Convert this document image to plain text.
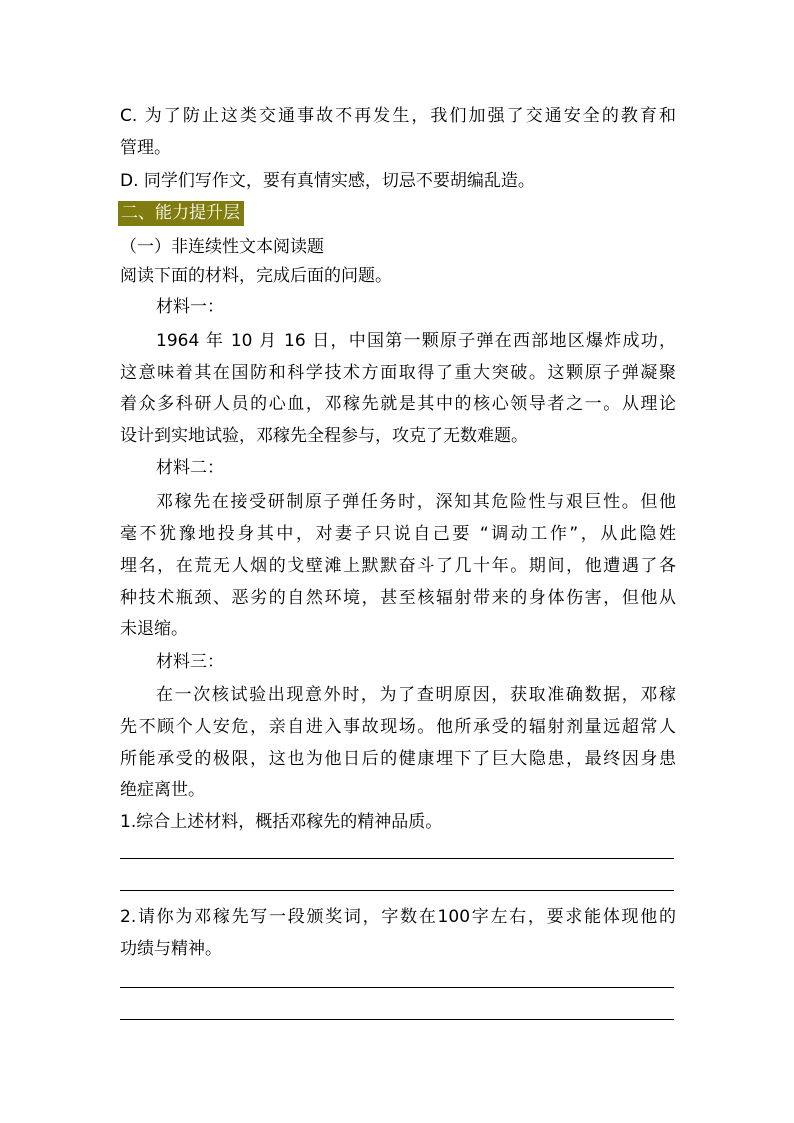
C. 为了防止这类交通事故不再发生，我们加强了交通安全的教育和
管理。
D. 同学们写作文，要有真情实感，切忌不要胡编乱造。
二、能力提升层
（一）非连续性文本阅读题
阅读下面的材料，完成后面的问题。
材料一：
1964 年 10 月 16 日，中国第一颗原子弹在西部地区爆炸成功，
这意味着其在国防和科学技术方面取得了重大突破。这颗原子弹凝聚
着众多科研人员的心血，邓稼先就是其中的核心领导者之一。从理论
设计到实地试验，邓稼先全程参与，攻克了无数难题。
材料二：
邓稼先在接受研制原子弹任务时，深知其危险性与艰巨性。但他
毫不犹豫地投身其中，对妻子只说自己要 “调动工作”，从此隐姓
埋名，在荒无人烟的戈壁滩上默默奋斗了几十年。期间，他遭遇了各
种技术瓶颈、恶劣的自然环境，甚至核辐射带来的身体伤害，但他从
未退缩。
材料三：
在一次核试验出现意外时，为了查明原因，获取准确数据，邓稼
先不顾个人安危，亲自进入事故现场。他所承受的辐射剂量远超常人
所能承受的极限，这也为他日后的健康埋下了巨大隐患，最终因身患
绝症离世。
1.综合上述材料，概括邓稼先的精神品质。
2.请你为邓稼先写一段颁奖词，字数在100字左右，要求能体现他的
功绩与精神。
